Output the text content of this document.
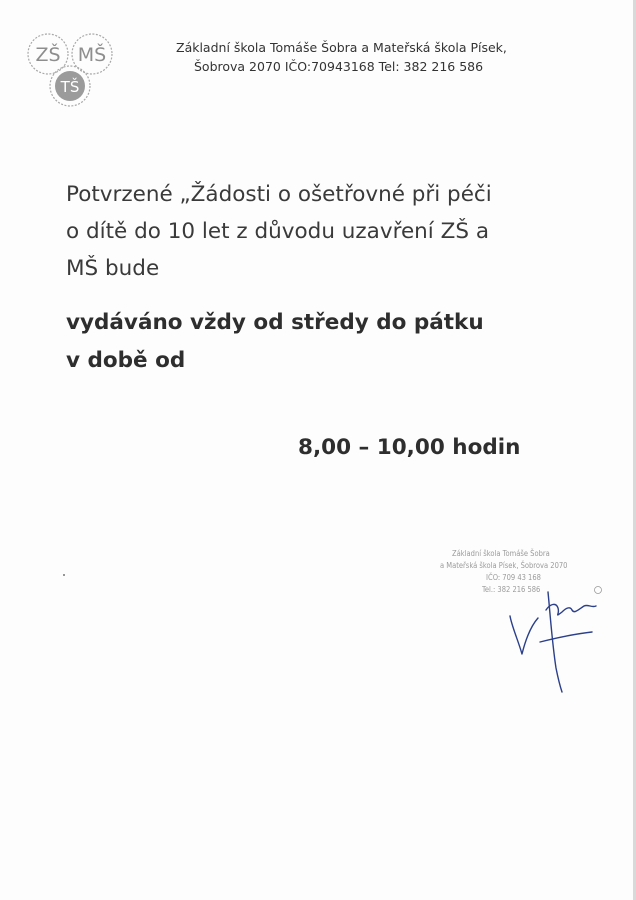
ZŠ MŠ
TŠ
Základní škola Tomáše Šobra a Mateřská škola Písek,
Šobrova 2070 IČO:70943168 Tel: 382 216 586
Potvrzené „Žádosti o ošetřovné při péči
o dítě do 10 let z důvodu uzavření ZŠ a
MŠ bude
vydáváno vždy od středy do pátku
v době od
8,00 – 10,00 hodin
Základní škola Tomáše Šobra
a Mateřská škola Písek, Šobrova 2070
IČO: 709 43 168
Tel.: 382 216 586
